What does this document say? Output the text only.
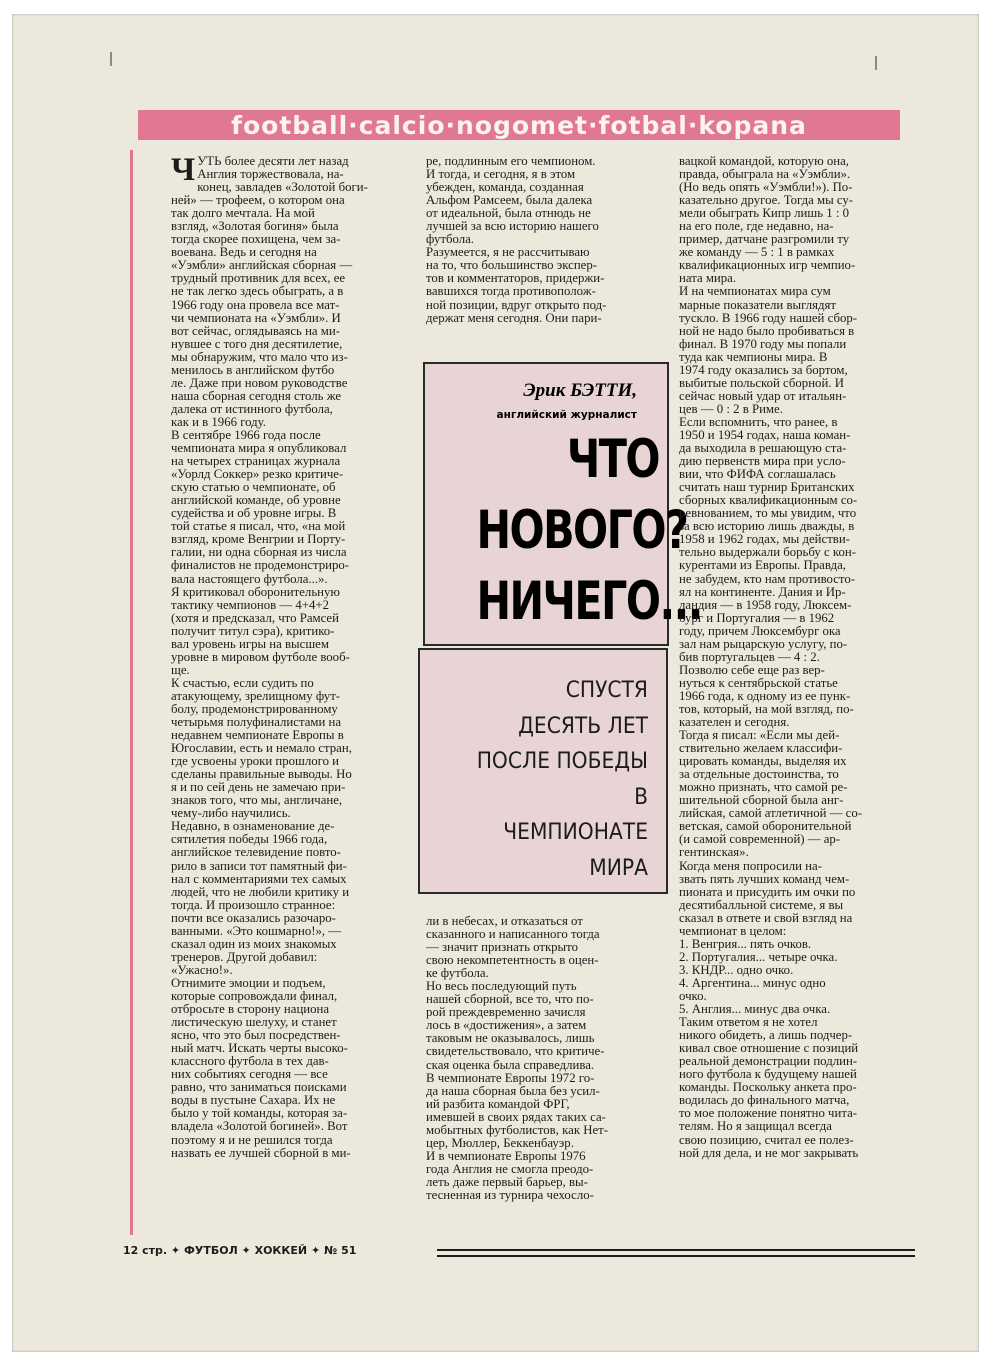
football·calcio·nogomet·fotbal·kopana
ЧУТЬ более десяти лет назад
Англия торжествовала, на-
конец, завладев «Золотой боги-
ней» — трофеем, о котором она
так долго мечтала. На мой
взгляд, «Золотая богиня» была
тогда скорее похищена, чем за-
воевана. Ведь и сегодня на
«Уэмбли» английская сборная —
трудный противник для всех, ее
не так легко здесь обыграть, а в
1966 году она провела все мат-
чи чемпионата на «Уэмбли». И
вот сейчас, оглядываясь на ми-
нувшее с того дня десятилетие,
мы обнаружим, что мало что из-
менилось в английском футбо
ле. Даже при новом руководстве
наша сборная сегодня столь же
далека от истинного футбола,
как и в 1966 году.
В сентябре 1966 года после
чемпионата мира я опубликовал
на четырех страницах журнала
«Уорлд Соккер» резко критиче-
скую статью о чемпионате, об
английской команде, об уровне
судейства и об уровне игры. В
той статье я писал, что, «на мой
взгляд, кроме Венгрии и Порту-
галии, ни одна сборная из числа
финалистов не продемонстриро-
вала настоящего футбола...».
Я критиковал оборонительную
тактику чемпионов — 4+4+2
(хотя и предсказал, что Рамсей
получит титул сэра), критико-
вал уровень игры на высшем
уровне в мировом футболе вооб-
ще.
К счастью, если судить по
атакующему, зрелищному фут-
болу, продемонстрированному
четырьмя полуфиналистами на
недавнем чемпионате Европы в
Югославии, есть и немало стран,
где усвоены уроки прошлого и
сделаны правильные выводы. Но
я и по сей день не замечаю при-
знаков того, что мы, англичане,
чему-либо научились.
Недавно, в ознаменование де-
сятилетия победы 1966 года,
английское телевидение повто-
рило в записи тот памятный фи-
нал с комментариями тех самых
людей, что не любили критику и
тогда. И произошло странное:
почти все оказались разочаро-
ванными. «Это кошмарно!», —
сказал один из моих знакомых
тренеров. Другой добавил:
«Ужасно!».
Отнимите эмоции и подъем,
которые сопровождали финал,
отбросьте в сторону национа
листическую шелуху, и станет
ясно, что это был посредствен-
ный матч. Искать черты высоко-
классного футбола в тех дав-
них событиях сегодня — все
равно, что заниматься поисками
воды в пустыне Сахара. Их не
было у той команды, которая за-
владела «Золотой богиней». Вот
поэтому я и не решился тогда
назвать ее лучшей сборной в ми-
ре, подлинным его чемпионом.
И тогда, и сегодня, я в этом
убежден, команда, созданная
Альфом Рамсеем, была далека
от идеальной, была отнюдь не
лучшей за всю историю нашего
футбола.
Разумеется, я не рассчитываю
на то, что большинство экспер-
тов и комментаторов, придержи-
вавшихся тогда противополож-
ной позиции, вдруг открыто под-
держат меня сегодня. Они пари-
Эрик БЭТТИ,
английский журналист
ЧТО
НОВОГО?
НИЧЕГО...
СПУСТЯ
ДЕСЯТЬ ЛЕТ
ПОСЛЕ ПОБЕДЫ
В
ЧЕМПИОНАТЕ
МИРА
ли в небесах, и отказаться от
сказанного и написанного тогда
— значит признать открыто
свою некомпетентность в оцен-
ке футбола.
Но весь последующий путь
нашей сборной, все то, что по-
рой преждевременно зачисля
лось в «достижения», а затем
таковым не оказывалось, лишь
свидетельствовало, что критиче-
ская оценка была справедлива.
В чемпионате Европы 1972 го-
да наша сборная была без усил-
ий разбита командой ФРГ,
имевшей в своих рядах таких са-
мобытных футболистов, как Нет-
цер, Мюллер, Беккенбауэр.
И в чемпионате Европы 1976
года Англия не смогла преодо-
леть даже первый барьер, вы-
тесненная из турнира чехосло-
вацкой командой, которую она,
правда, обыграла на «Уэмбли».
(Но ведь опять «Уэмбли!»). По-
казательно другое. Тогда мы су-
мели обыграть Кипр лишь 1 : 0
на его поле, где недавно, на-
пример, датчане разгромили ту
же команду — 5 : 1 в рамках
квалификационных игр чемпио-
ната мира.
И на чемпионатах мира сум
марные показатели выглядят
тускло. В 1966 году нашей сбор-
ной не надо было пробиваться в
финал. В 1970 году мы попали
туда как чемпионы мира. В
1974 году оказались за бортом,
выбитые польской сборной. И
сейчас новый удар от итальян-
цев — 0 : 2 в Риме.
Если вспомнить, что ранее, в
1950 и 1954 годах, наша коман-
да выходила в решающую ста-
дию первенств мира при усло-
вии, что ФИФА соглашалась
считать наш турнир Британских
сборных квалификационным со-
ревнованием, то мы увидим, что
за всю историю лишь дважды, в
1958 и 1962 годах, мы действи-
тельно выдержали борьбу с кон-
курентами из Европы. Правда,
не забудем, кто нам противосто-
ял на континенте. Дания и Ир-
ландия — в 1958 году, Люксем-
бург и Португалия — в 1962
году, причем Люксембург ока
зал нам рыцарскую услугу, по-
бив португальцев — 4 : 2.
Позволю себе еще раз вер-
нуться к сентябрьской статье
1966 года, к одному из ее пунк-
тов, который, на мой взгляд, по-
казателен и сегодня.
Тогда я писал: «Если мы дей-
ствительно желаем классифи-
цировать команды, выделяя их
за отдельные достоинства, то
можно признать, что самой ре-
шительной сборной была анг-
лийская, самой атлетичной — со-
ветская, самой оборонительной
(и самой современной) — ар-
гентинская».
Когда меня попросили на-
звать пять лучших команд чем-
пионата и присудить им очки по
десятибалльной системе, я вы
сказал в ответе и свой взгляд на
чемпионат в целом:
1. Венгрия... пять очков.
2. Португалия... четыре очка.
3. КНДР... одно очко.
4. Аргентина... минус одно
очко.
5. Англия... минус два очка.
Таким ответом я не хотел
никого обидеть, а лишь подчер-
кивал свое отношение с позиций
реальной демонстрации подлин-
ного футбола к будущему нашей
команды. Поскольку анкета про-
водилась до финального матча,
то мое положение понятно чита-
телям. Но я защищал всегда
свою позицию, считал ее полез-
ной для дела, и не мог закрывать
12 стр. ✦ ФУТБОЛ ✦ ХОККЕЙ ✦ № 51
